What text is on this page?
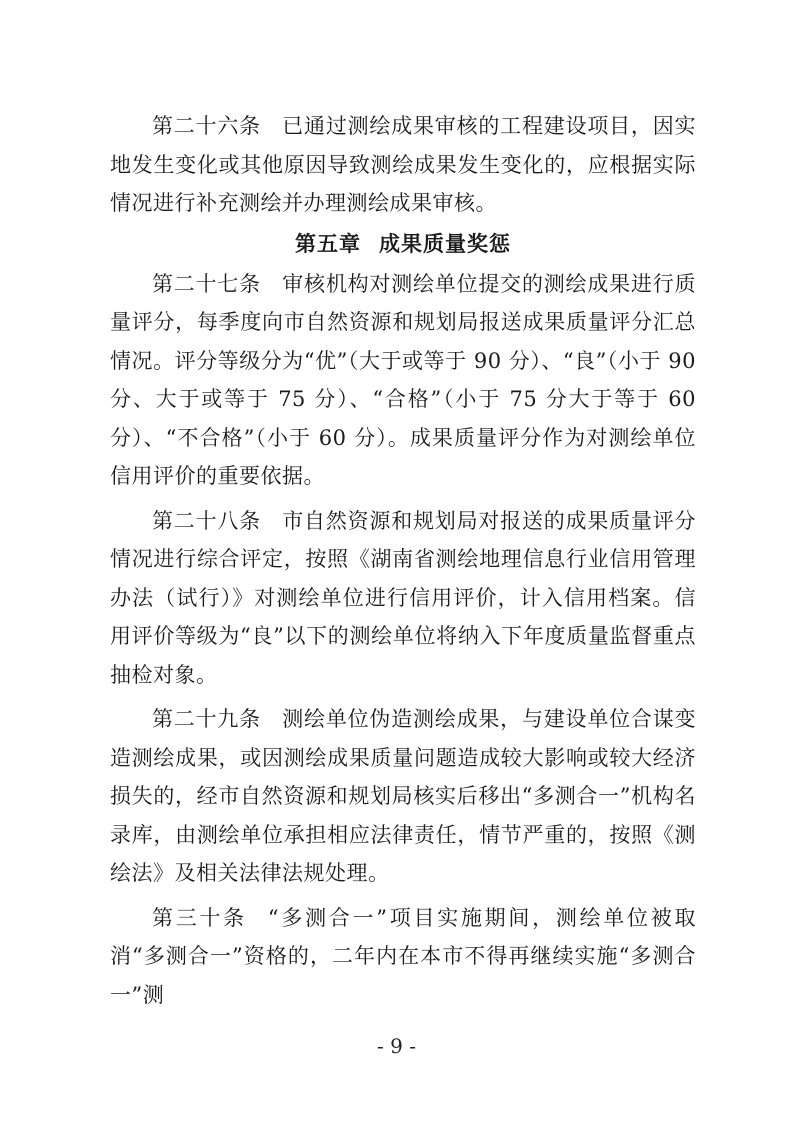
第二十六条 已通过测绘成果审核的工程建设项目，因实地发生变化或其他原因导致测绘成果发生变化的，应根据实际情况进行补充测绘并办理测绘成果审核。

第五章 成果质量奖惩

第二十七条 审核机构对测绘单位提交的测绘成果进行质量评分，每季度向市自然资源和规划局报送成果质量评分汇总情况。评分等级分为“优”（大于或等于 90 分）、“良”（小于 90 分、大于或等于 75 分）、“合格”（小于 75 分大于等于 60 分）、“不合格”（小于 60 分）。成果质量评分作为对测绘单位信用评价的重要依据。

第二十八条 市自然资源和规划局对报送的成果质量评分情况进行综合评定，按照《湖南省测绘地理信息行业信用管理办法（试行）》对测绘单位进行信用评价，计入信用档案。信用评价等级为“良”以下的测绘单位将纳入下年度质量监督重点抽检对象。

第二十九条 测绘单位伪造测绘成果，与建设单位合谋变造测绘成果，或因测绘成果质量问题造成较大影响或较大经济损失的，经市自然资源和规划局核实后移出“多测合一”机构名录库，由测绘单位承担相应法律责任，情节严重的，按照《测绘法》及相关法律法规处理。

第三十条 “多测合一”项目实施期间，测绘单位被取消“多测合一”资格的，二年内在本市不得再继续实施“多测合一”测

- 9 -
